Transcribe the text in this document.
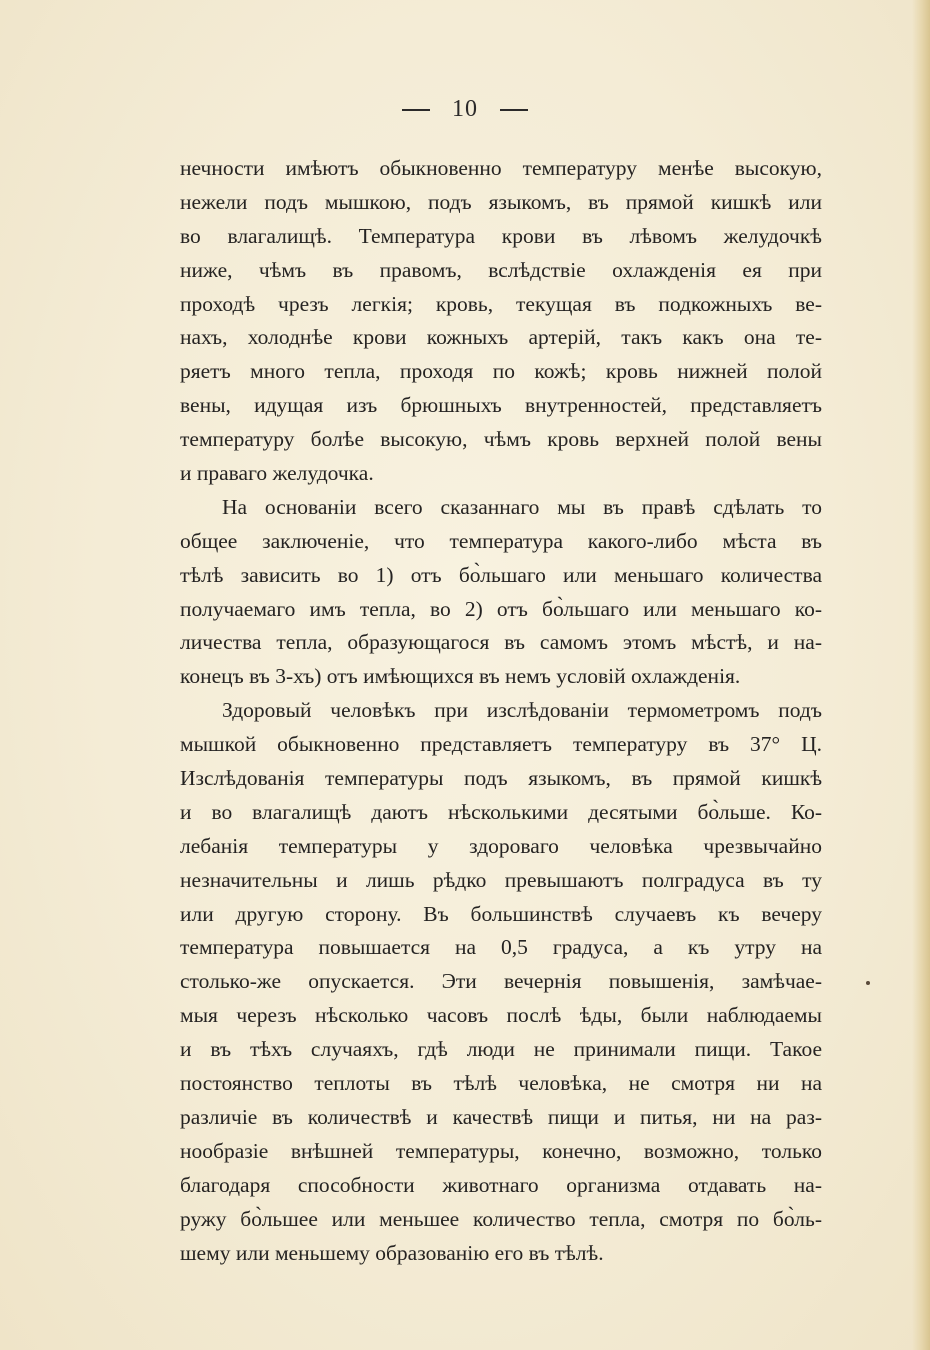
10
нечности имѣютъ обыкновенно температуру менѣе высокую,
нежели подъ мышкою, подъ языкомъ, въ прямой кишкѣ или
во влагалищѣ. Температура крови въ лѣвомъ желудочкѣ
ниже, чѣмъ въ правомъ, вслѣдствіе охлажденія ея при
проходѣ чрезъ легкія; кровь, текущая въ подкожныхъ ве-
нахъ, холоднѣе крови кожныхъ артерій, такъ какъ она те-
ряетъ много тепла, проходя по кожѣ; кровь нижней полой
вены, идущая изъ брюшныхъ внутренностей, представляетъ
температуру болѣе высокую, чѣмъ кровь верхней полой вены
и праваго желудочка.
На основаніи всего сказаннаго мы въ правѣ сдѣлать то
общее заключеніе, что температура какого-либо мѣста въ
тѣлѣ зависить во 1) отъ бо̀льшаго или меньшаго количества
получаемаго имъ тепла, во 2) отъ бо̀льшаго или меньшаго ко-
личества тепла, образующагося въ самомъ этомъ мѣстѣ, и на-
конецъ въ 3-хъ) отъ имѣющихся въ немъ условій охлажденія.
Здоровый человѣкъ при изслѣдованіи термометромъ подъ
мышкой обыкновенно представляетъ температуру въ 37° Ц.
Изслѣдованія температуры подъ языкомъ, въ прямой кишкѣ
и во влагалищѣ даютъ нѣсколькими десятыми бо̀льше. Ко-
лебанія температуры у здороваго человѣка чрезвычайно
незначительны и лишь рѣдко превышаютъ полградуса въ ту
или другую сторону. Въ большинствѣ случаевъ къ вечеру
температура повышается на 0,5 градуса, а къ утру на
столько-же опускается. Эти вечернія повышенія, замѣчае-
мыя черезъ нѣсколько часовъ послѣ ѣды, были наблюдаемы
и въ тѣхъ случаяхъ, гдѣ люди не принимали пищи. Такое
постоянство теплоты въ тѣлѣ человѣка, не смотря ни на
различіе въ количествѣ и качествѣ пищи и питья, ни на раз-
нообразіе внѣшней температуры, конечно, возможно, только
благодаря способности животнаго организма отдавать на-
ружу бо̀льшее или меньшее количество тепла, смотря по бо̀ль-
шему или меньшему образованію его въ тѣлѣ.
